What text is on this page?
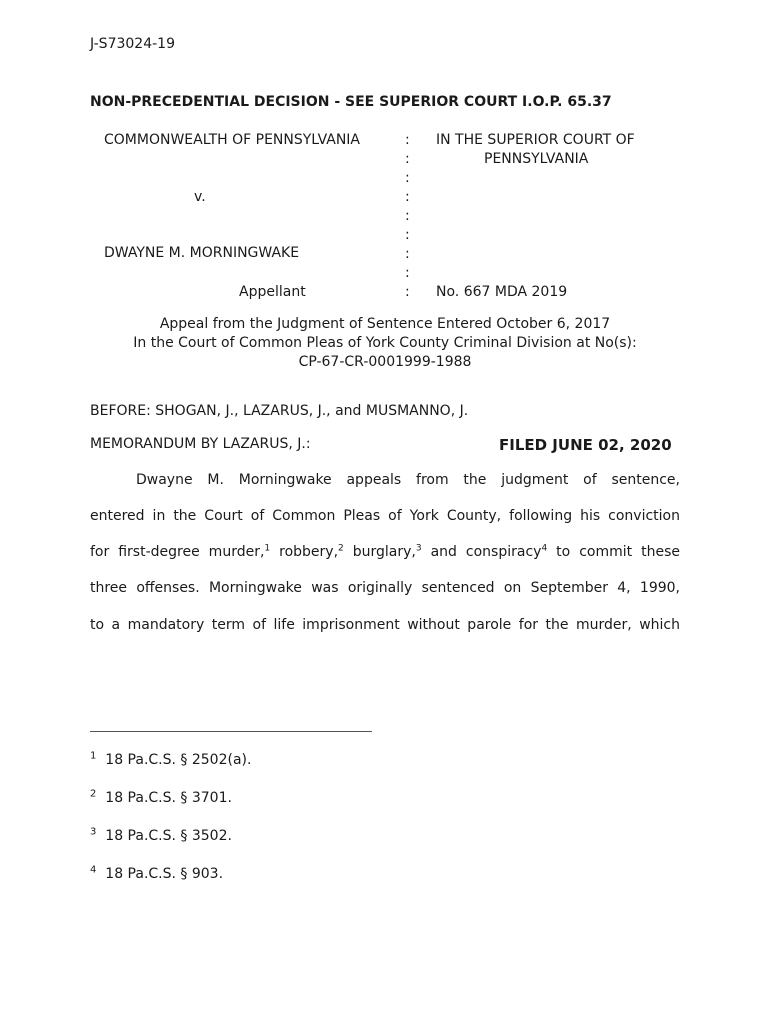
J-S73024-19
NON-PRECEDENTIAL DECISION - SEE SUPERIOR COURT I.O.P. 65.37
COMMONWEALTH OF PENNSYLVANIA	IN THE SUPERIOR COURT OF
PENNSYLVANIA
v.
DWAYNE M. MORNINGWAKE
Appellant	No. 667 MDA 2019
:
:
:
:
:
:
:
:
:
Appeal from the Judgment of Sentence Entered October 6, 2017
In the Court of Common Pleas of York County Criminal Division at No(s):
CP-67-CR-0001999-1988
BEFORE: SHOGAN, J., LAZARUS, J., and MUSMANNO, J.
MEMORANDUM BY LAZARUS, J.:	FILED JUNE 02, 2020
Dwayne M. Morningwake appeals from the judgment of sentence,
entered in the Court of Common Pleas of York County, following his conviction
for first-degree murder,$^1$ robbery,$^2$ burglary,$^3$ and conspiracy$^4$ to commit these
three offenses. Morningwake was originally sentenced on September 4, 1990,
to a mandatory term of life imprisonment without parole for the murder, which
$^1$ 18 Pa.C.S. § 2502(a).
$^2$ 18 Pa.C.S. § 3701.
$^3$ 18 Pa.C.S. § 3502.
$^4$ 18 Pa.C.S. § 903.
